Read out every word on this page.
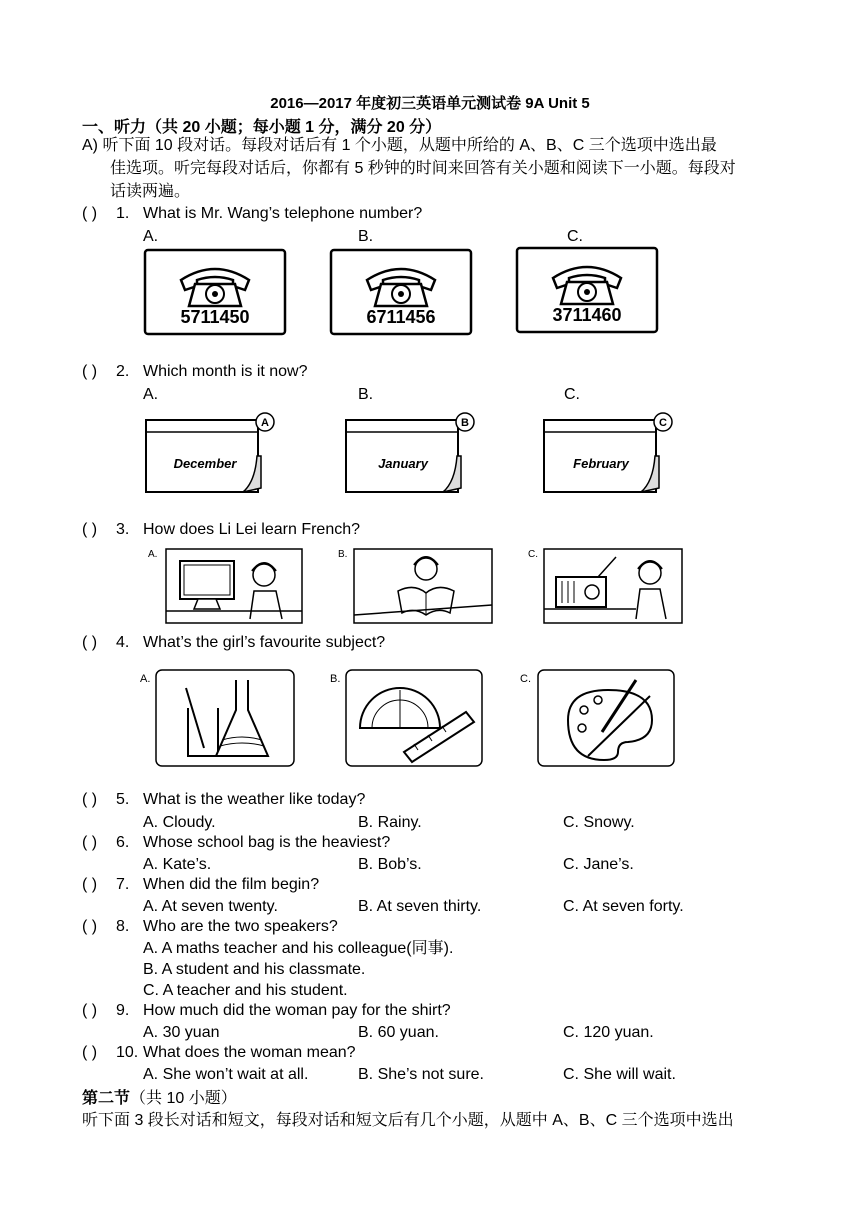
2016—2017 年度初三英语单元测试卷 9A Unit 5
一、听力（共 20 小题；每小题 1 分，满分 20 分）
A) 听下面 10 段对话。每段对话后有 1 个小题，从题中所给的 A、B、C 三个选项中选出最
佳选项。听完每段对话后，你都有 5 秒钟的时间来回答有关小题和阅读下一小题。每段对
话读两遍。
( ) 1. What is Mr. Wang’s telephone number?
A.	B.	C.
5711450	6711456	3711460
( ) 2. Which month is it now?
A.	B.	C.
December
A
January
B
February
C
( ) 3. How does Li Lei learn French?
A.	B.	C.
( ) 4. What’s the girl’s favourite subject?
A.	B.	C.
( ) 5. What is the weather like today?
A. Cloudy.	B. Rainy.	C. Snowy.
( ) 6. Whose school bag is the heaviest?
A. Kate’s.	B. Bob’s.	C. Jane’s.
( ) 7. When did the film begin?
A. At seven twenty.	B. At seven thirty.	C. At seven forty.
( ) 8. Who are the two speakers?
A. A maths teacher and his colleague(同事).
B. A student and his classmate.
C. A teacher and his student.
( ) 9. How much did the woman pay for the shirt?
A. 30 yuan	B. 60 yuan.	C. 120 yuan.
( ) 10. What does the woman mean?
A. She won’t wait at all.	B. She’s not sure.	C. She will wait.
第二节（共 10 小题）
听下面 3 段长对话和短文，每段对话和短文后有几个小题，从题中 A、B、C 三个选项中选出
